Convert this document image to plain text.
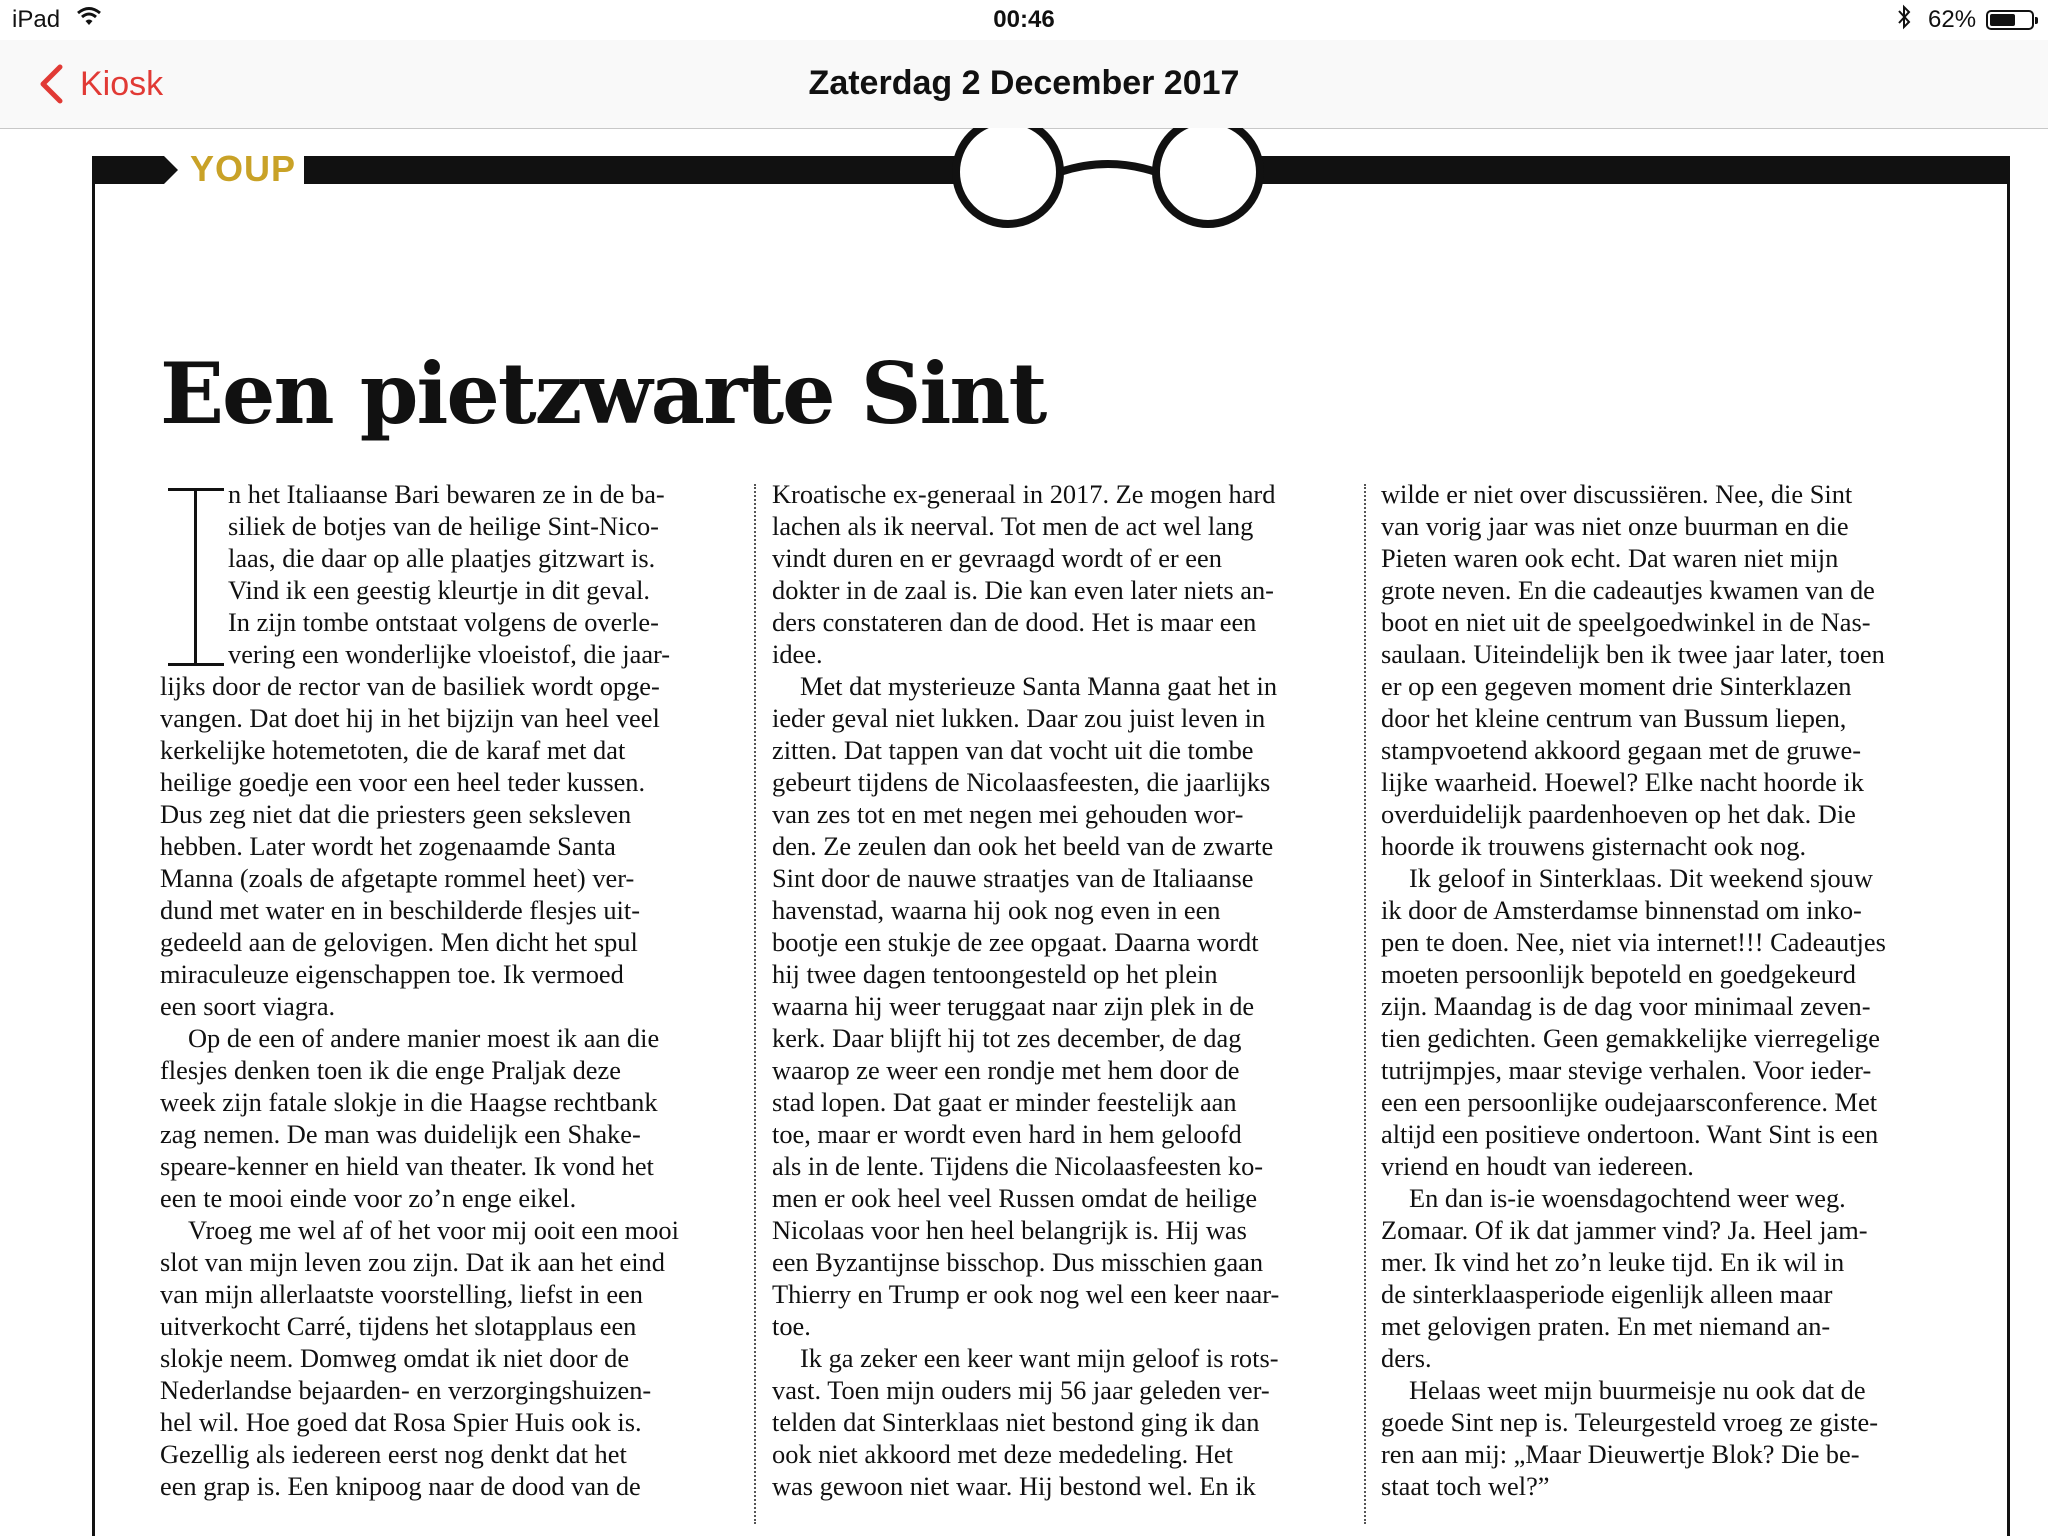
iPad	00:46	62%
Kiosk	Zaterdag 2 December 2017
YOUP
Een pietzwarte Sint

n het Italiaanse Bari bewaren ze in de ba-

siliek de botjes van de heilige Sint-Nico-

laas, die daar op alle plaatjes gitzwart is.

Vind ik een geestig kleurtje in dit geval.

In zijn tombe ontstaat volgens de overle-

vering een wonderlijke vloeistof, die jaar-

lijks door de rector van de basiliek wordt opge-

vangen. Dat doet hij in het bijzijn van heel veel

kerkelijke hotemetoten, die de karaf met dat

heilige goedje een voor een heel teder kussen.

Dus zeg niet dat die priesters geen seksleven

hebben. Later wordt het zogenaamde Santa

Manna (zoals de afgetapte rommel heet) ver-

dund met water en in beschilderde flesjes uit-

gedeeld aan de gelovigen. Men dicht het spul

miraculeuze eigenschappen toe. Ik vermoed

een soort viagra.

Op de een of andere manier moest ik aan die

flesjes denken toen ik die enge Praljak deze

week zijn fatale slokje in die Haagse rechtbank

zag nemen. De man was duidelijk een Shake-

speare-kenner en hield van theater. Ik vond het

een te mooi einde voor zo’n enge eikel.

Vroeg me wel af of het voor mij ooit een mooi

slot van mijn leven zou zijn. Dat ik aan het eind

van mijn allerlaatste voorstelling, liefst in een

uitverkocht Carré, tijdens het slotapplaus een

slokje neem. Domweg omdat ik niet door de

Nederlandse bejaarden- en verzorgingshuizen-

hel wil. Hoe goed dat Rosa Spier Huis ook is.

Gezellig als iedereen eerst nog denkt dat het

een grap is. Een knipoog naar de dood van de

Kroatische ex-generaal in 2017. Ze mogen hard

lachen als ik neerval. Tot men de act wel lang

vindt duren en er gevraagd wordt of er een

dokter in de zaal is. Die kan even later niets an-

ders constateren dan de dood. Het is maar een

idee.

Met dat mysterieuze Santa Manna gaat het in

ieder geval niet lukken. Daar zou juist leven in

zitten. Dat tappen van dat vocht uit die tombe

gebeurt tijdens de Nicolaasfeesten, die jaarlijks

van zes tot en met negen mei gehouden wor-

den. Ze zeulen dan ook het beeld van de zwarte

Sint door de nauwe straatjes van de Italiaanse

havenstad, waarna hij ook nog even in een

bootje een stukje de zee opgaat. Daarna wordt

hij twee dagen tentoongesteld op het plein

waarna hij weer teruggaat naar zijn plek in de

kerk. Daar blijft hij tot zes december, de dag

waarop ze weer een rondje met hem door de

stad lopen. Dat gaat er minder feestelijk aan

toe, maar er wordt even hard in hem geloofd

als in de lente. Tijdens die Nicolaasfeesten ko-

men er ook heel veel Russen omdat de heilige

Nicolaas voor hen heel belangrijk is. Hij was

een Byzantijnse bisschop. Dus misschien gaan

Thierry en Trump er ook nog wel een keer naar-

toe.

Ik ga zeker een keer want mijn geloof is rots-

vast. Toen mijn ouders mij 56 jaar geleden ver-

telden dat Sinterklaas niet bestond ging ik dan

ook niet akkoord met deze mededeling. Het

was gewoon niet waar. Hij bestond wel. En ik

wilde er niet over discussiëren. Nee, die Sint

van vorig jaar was niet onze buurman en die

Pieten waren ook echt. Dat waren niet mijn

grote neven. En die cadeautjes kwamen van de

boot en niet uit de speelgoedwinkel in de Nas-

saulaan. Uiteindelijk ben ik twee jaar later, toen

er op een gegeven moment drie Sinterklazen

door het kleine centrum van Bussum liepen,

stampvoetend akkoord gegaan met de gruwe-

lijke waarheid. Hoewel? Elke nacht hoorde ik

overduidelijk paardenhoeven op het dak. Die

hoorde ik trouwens gisternacht ook nog.

Ik geloof in Sinterklaas. Dit weekend sjouw

ik door de Amsterdamse binnenstad om inko-

pen te doen. Nee, niet via internet!!! Cadeautjes

moeten persoonlijk bepoteld en goedgekeurd

zijn. Maandag is de dag voor minimaal zeven-

tien gedichten. Geen gemakkelijke vierregelige

tutrijmpjes, maar stevige verhalen. Voor ieder-

een een persoonlijke oudejaarsconference. Met

altijd een positieve ondertoon. Want Sint is een

vriend en houdt van iedereen.

En dan is-ie woensdagochtend weer weg.

Zomaar. Of ik dat jammer vind? Ja. Heel jam-

mer. Ik vind het zo’n leuke tijd. En ik wil in

de sinterklaasperiode eigenlijk alleen maar

met gelovigen praten. En met niemand an-

ders.

Helaas weet mijn buurmeisje nu ook dat de

goede Sint nep is. Teleurgesteld vroeg ze giste-

ren aan mij: „Maar Dieuwertje Blok? Die be-

staat toch wel?”
